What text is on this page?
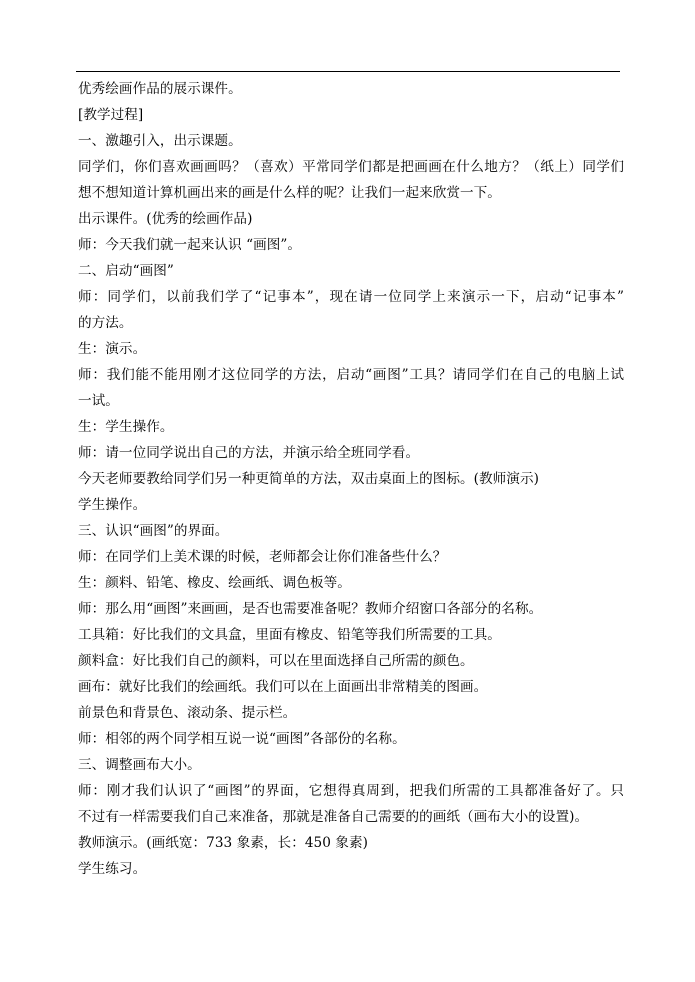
优秀绘画作品的展示课件。
[教学过程]
一、激趣引入，出示课题。
同学们，你们喜欢画画吗？（喜欢）平常同学们都是把画画在什么地方？（纸上）同学们
想不想知道计算机画出来的画是什么样的呢？让我们一起来欣赏一下。
出示课件。(优秀的绘画作品)
师：今天我们就一起来认识 “画图”。
二、启动“画图”
师：同学们，以前我们学了“记事本”，现在请一位同学上来演示一下，启动“记事本”
的方法。
生：演示。
师：我们能不能用刚才这位同学的方法，启动“画图”工具？请同学们在自己的电脑上试
一试。
生：学生操作。
师：请一位同学说出自己的方法，并演示给全班同学看。
今天老师要教给同学们另一种更简单的方法，双击桌面上的图标。(教师演示)
学生操作。
三、认识“画图”的界面。
师：在同学们上美术课的时候，老师都会让你们准备些什么？
生：颜料、铅笔、橡皮、绘画纸、调色板等。
师：那么用“画图”来画画，是否也需要准备呢？教师介绍窗口各部分的名称。
工具箱：好比我们的文具盒，里面有橡皮、铅笔等我们所需要的工具。
颜料盒：好比我们自己的颜料，可以在里面选择自己所需的颜色。
画布：就好比我们的绘画纸。我们可以在上面画出非常精美的图画。
前景色和背景色、滚动条、提示栏。
师：相邻的两个同学相互说一说“画图”各部份的名称。
三、调整画布大小。
师：刚才我们认识了“画图”的界面，它想得真周到，把我们所需的工具都准备好了。只
不过有一样需要我们自己来准备，那就是准备自己需要的的画纸（画布大小的设置)。
教师演示。(画纸宽：733 象素，长：450 象素)
学生练习。
